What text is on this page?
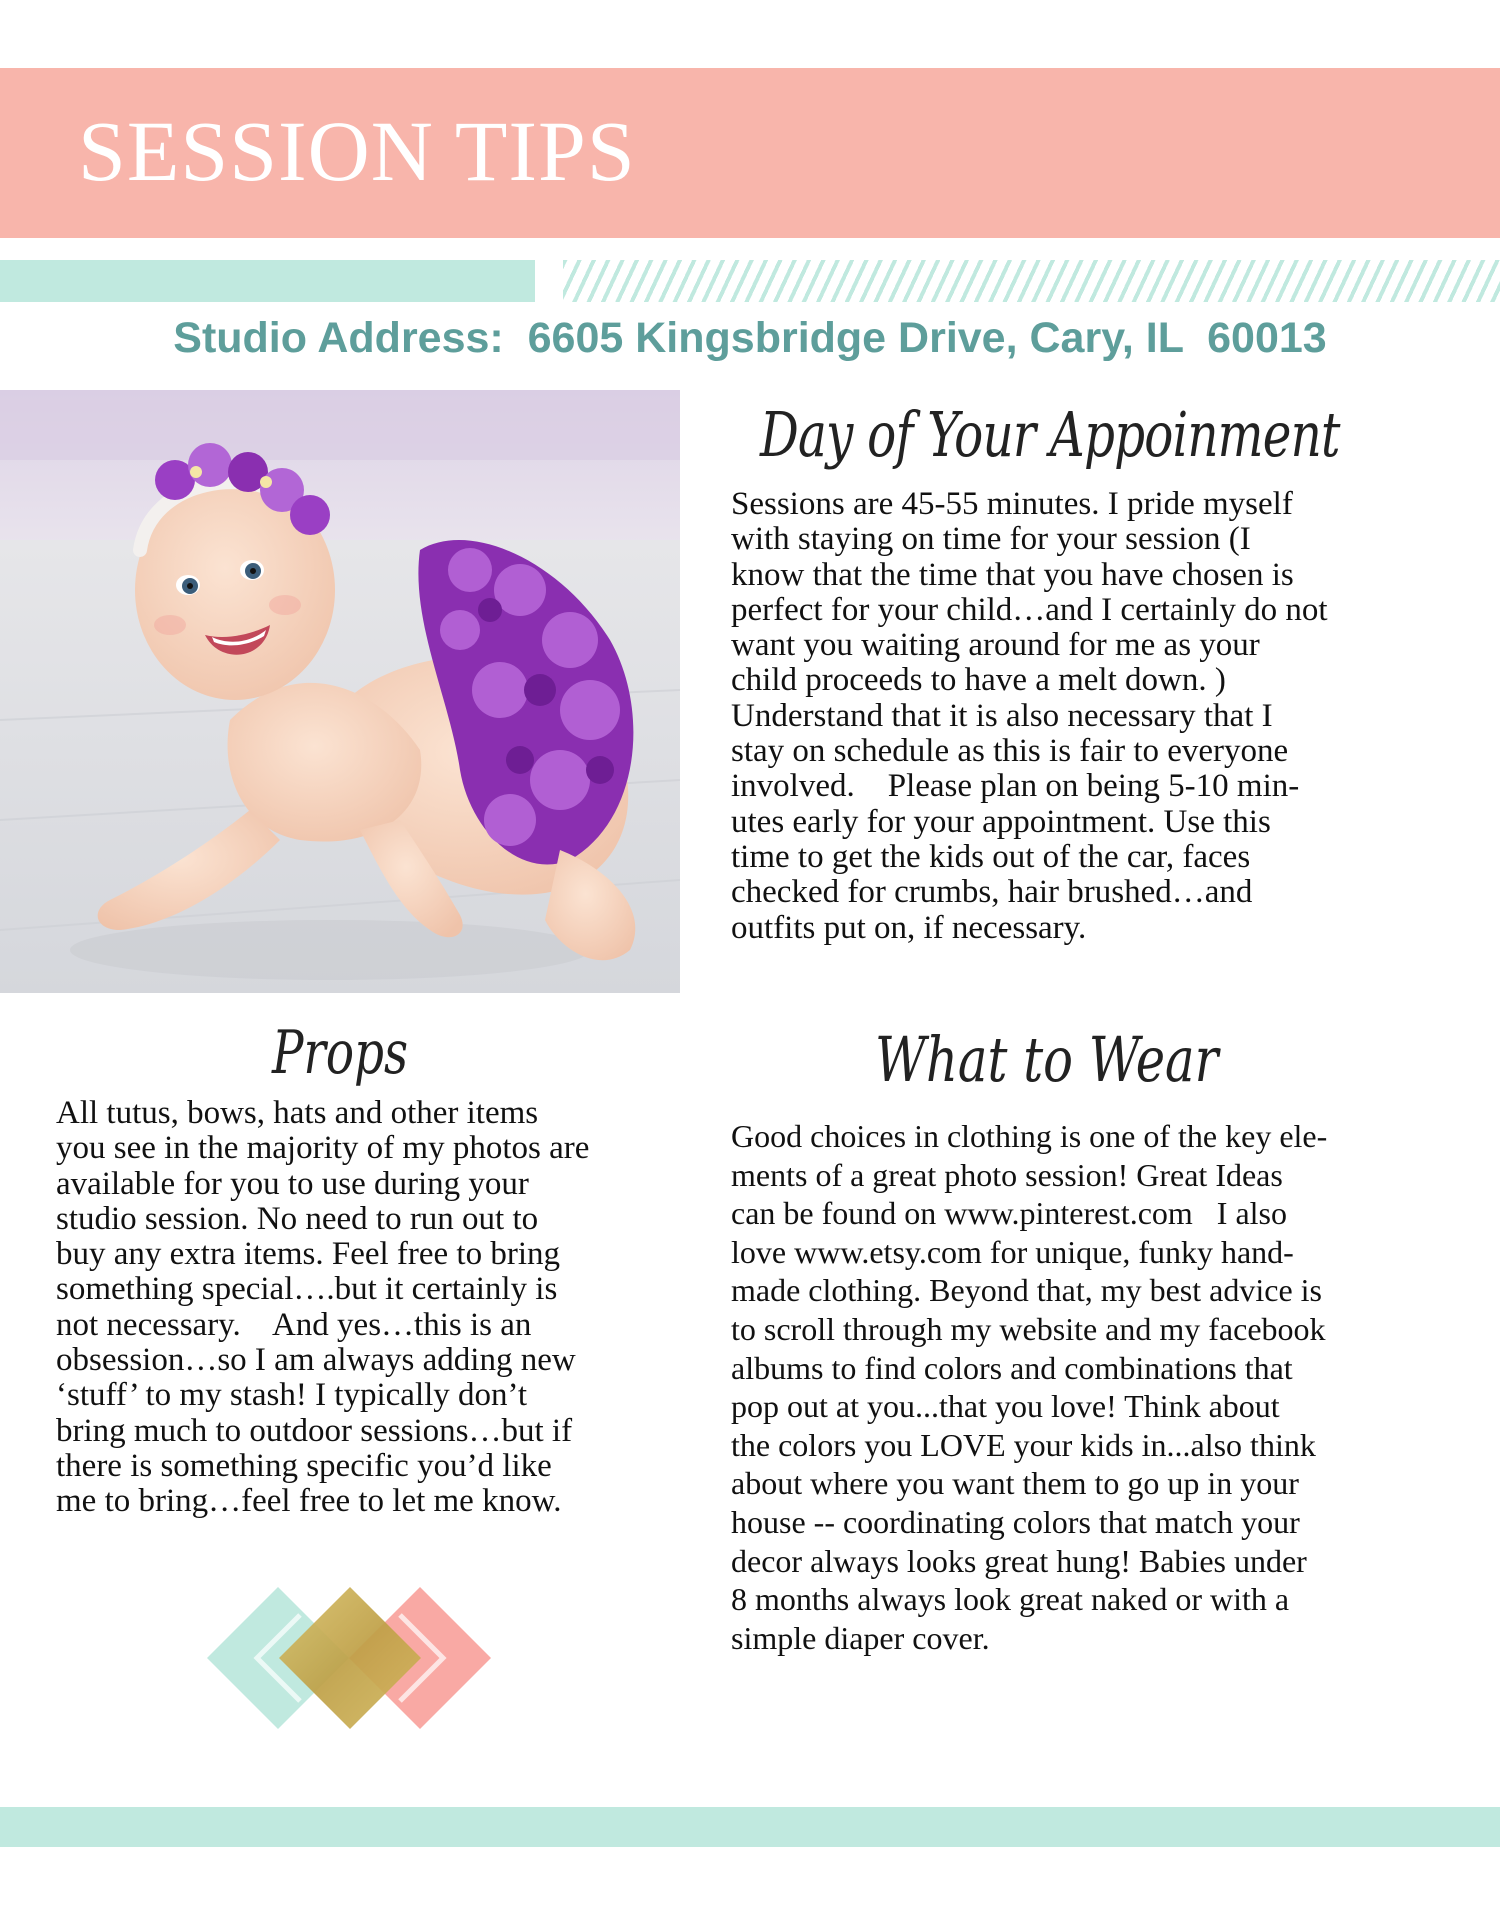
SESSION TIPS

Studio Address:  6605 Kingsbridge Drive, Cary, IL  60013

Day of Your Appoinment
Sessions are 45-55 minutes. I pride myself
with staying on time for your session (I
know that the time that you have chosen is
perfect for your child…and I certainly do not
want you waiting around for me as your
child proceeds to have a melt down. )
Understand that it is also necessary that I
stay on schedule as this is fair to everyone
involved.    Please plan on being 5-10 min-
utes early for your appointment. Use this
time to get the kids out of the car, faces
checked for crumbs, hair brushed…and
outfits put on, if necessary.
Props
All tutus, bows, hats and other items
you see in the majority of my photos are
available for you to use during your
studio session. No need to run out to
buy any extra items. Feel free to bring
something special….but it certainly is
not necessary.    And yes…this is an
obsession…so I am always adding new
‘stuff’ to my stash! I typically don’t
bring much to outdoor sessions…but if
there is something specific you’d like
me to bring…feel free to let me know.
What to Wear
Good choices in clothing is one of the key ele-
ments of a great photo session! Great Ideas
can be found on www.pinterest.com   I also
love www.etsy.com for unique, funky hand-
made clothing. Beyond that, my best advice is
to scroll through my website and my facebook
albums to find colors and combinations that
pop out at you...that you love! Think about
the colors you LOVE your kids in...also think
about where you want them to go up in your
house -- coordinating colors that match your
decor always looks great hung! Babies under
8 months always look great naked or with a
simple diaper cover.
